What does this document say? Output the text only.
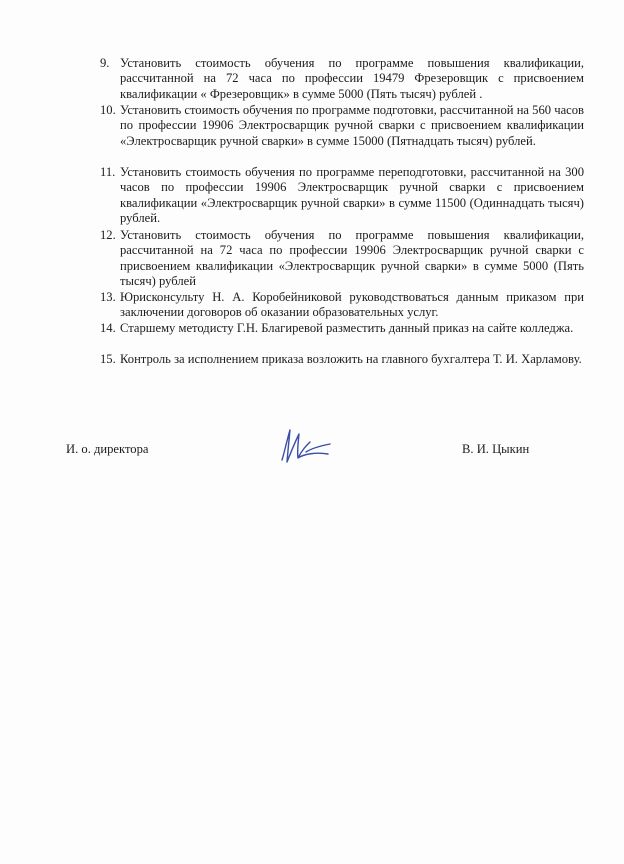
9. Установить стоимость обучения по программе повышения квалификации, рассчитанной на 72 часа по профессии 19479 Фрезеровщик с присвоением квалификации « Фрезеровщик» в сумме 5000 (Пять тысяч) рублей .
10. Установить стоимость обучения по программе подготовки, рассчитанной на 560 часов по профессии 19906 Электросварщик ручной сварки с присвоением квалификации «Электросварщик ручной сварки» в сумме 15000 (Пятнадцать тысяч) рублей.
11. Установить стоимость обучения по программе переподготовки, рассчитанной на 300 часов по профессии 19906 Электросварщик ручной сварки с присвоением квалификации «Электросварщик ручной сварки» в сумме 11500 (Одиннадцать тысяч) рублей.
12. Установить стоимость обучения по программе повышения квалификации, рассчитанной на 72 часа по профессии 19906 Электросварщик ручной сварки с присвоением квалификации «Электросварщик ручной сварки» в сумме 5000 (Пять тысяч) рублей
13. Юрисконсульту Н. А. Коробейниковой руководствоваться данным приказом при заключении договоров об оказании образовательных услуг.
14. Старшему методисту Г.Н. Благиревой разместить данный приказ на сайте колледжа.
15. Контроль за исполнением приказа возложить на главного бухгалтера Т. И. Харламову.
И. о. директора	В. И. Цыкин
